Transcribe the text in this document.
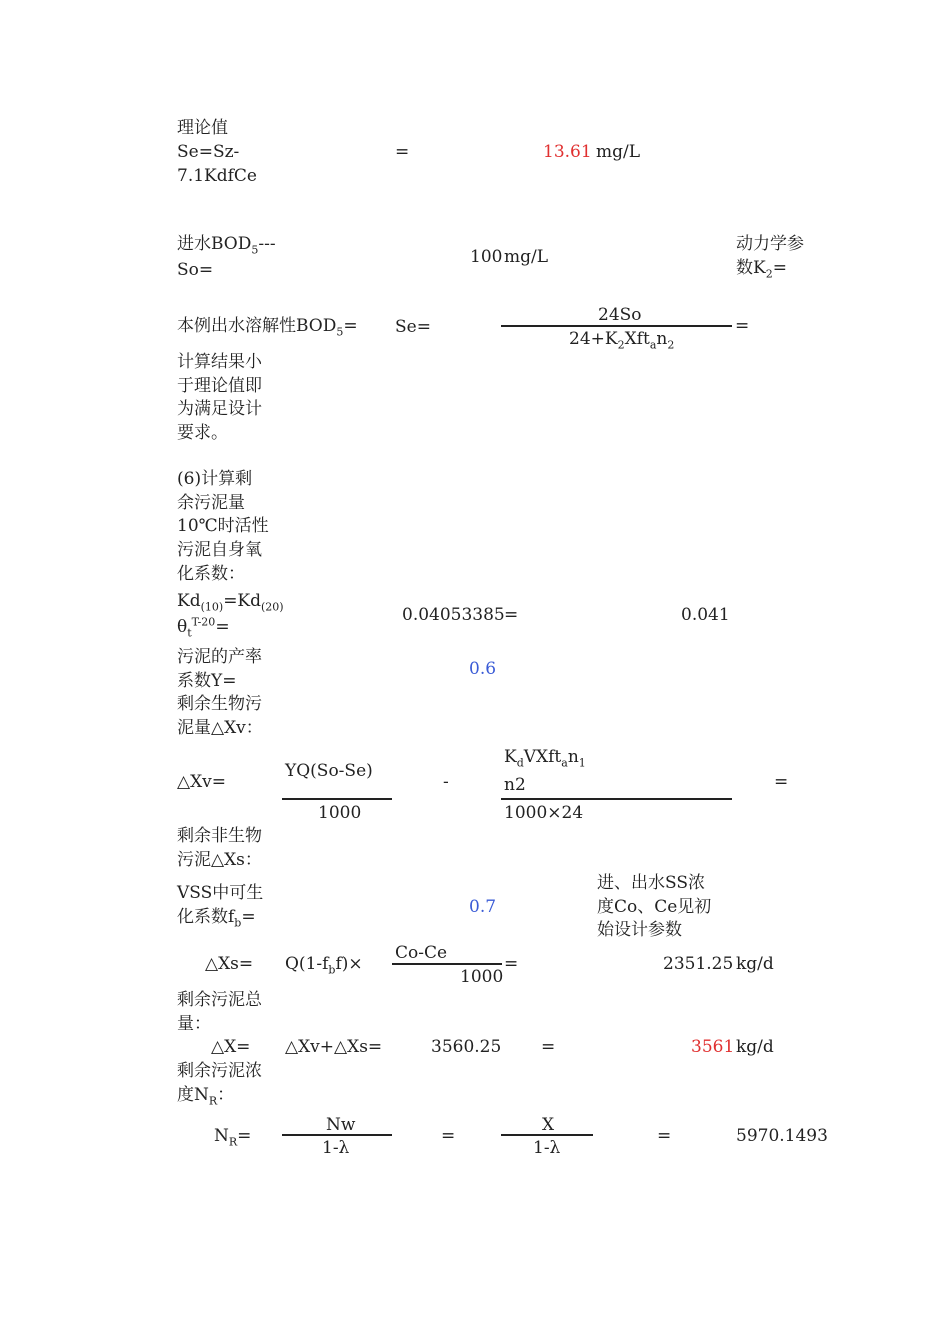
理论值
Se=Sz-
7.1KdfCe
=	13.61 mg/L
进水$BOD_5---$
So=
100 mg/L
动力学参
数$K_2=$
本例出水溶解性$BOD_5= Se=$
24So
$24+K_2Xft_an_2$
=
计算结果小
于理论值即
为满足设计
要求。
(6)计算剩
余污泥量
10℃时活性
污泥自身氧
化系数：
$Kd_{(10)}=Kd_{(20)}$
$\theta_t^{T-20}=$
0.04053385 =	0.041
污泥的产率
系数Y=
0.6
剩余生物污
泥量△Xv：
△Xv=
YQ(So-Se)
1000
-
$K_dVXft_an_1$
n2
1000×24
=
剩余非生物
污泥△Xs：
VSS中可生
化系数$f_b=$	0.7
进、出水SS浓
度Co、Ce见初
始设计参数
△Xs= $Q(1-f_bf)\times$
Co-Ce
1000
=	2351.25 kg/d
剩余污泥总
量：
△X= △Xv+△Xs=	3560.25 =	3561 kg/d
剩余污泥浓
度$N_R$：
$N_R=$
Nw
1-λ
=
X
1-λ
=	5970.1493
